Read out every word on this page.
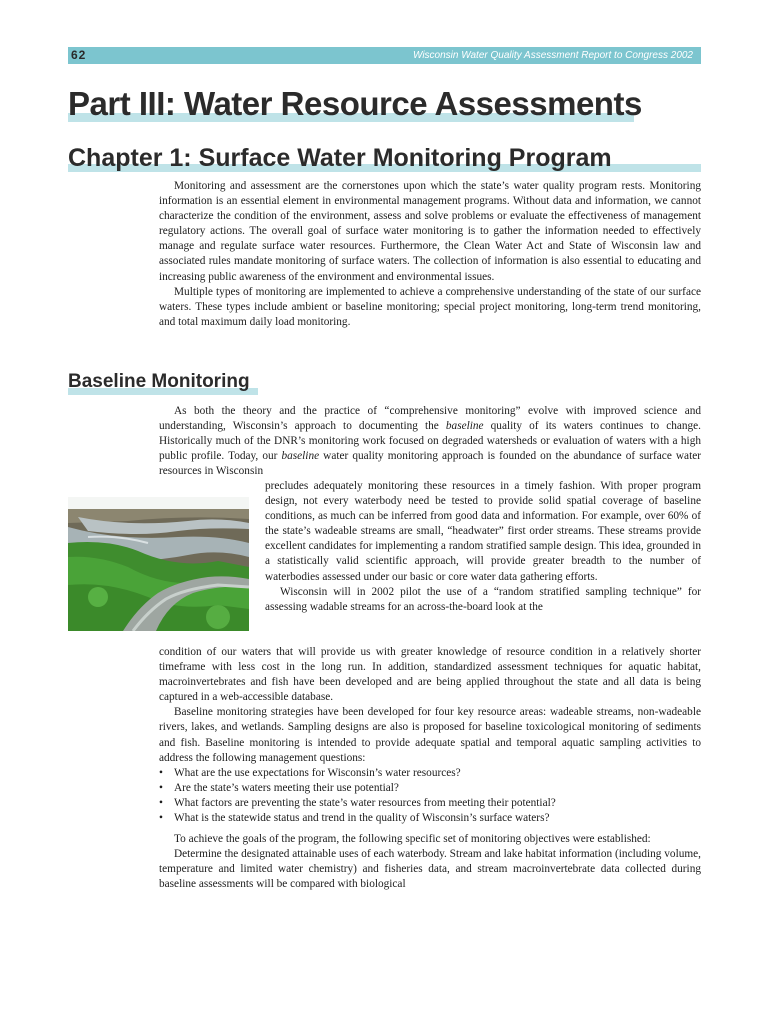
62	Wisconsin Water Quality Assessment Report to Congress 2002
Part III: Water Resource Assessments
Chapter 1: Surface Water Monitoring Program

Monitoring and assessment are the cornerstones upon which the state’s water quality program rests. Monitoring information is an essential element in environmental management programs. Without data and information, we cannot characterize the condition of the environment, assess and solve problems or evaluate the effectiveness of management regulatory actions. The overall goal of surface water monitoring is to gather the information needed to effectively manage and regulate surface water resources. Furthermore, the Clean Water Act and State of Wisconsin law and associated rules mandate monitoring of surface waters. The collection of information is also essential to educating and increasing public awareness of the environment and environmental issues.

Multiple types of monitoring are implemented to achieve a comprehensive understanding of the state of our surface waters. These types include ambient or baseline monitoring; special project monitoring, long-term trend monitoring, and total maximum daily load monitoring.

Baseline Monitoring

As both the theory and the practice of “comprehensive monitoring” evolve with improved science and understanding, Wisconsin’s approach to documenting the baseline quality of its waters continues to change. Historically much of the DNR’s monitoring work focused on degraded watersheds or evaluation of waters with a high public profile. Today, our baseline water quality monitoring approach is founded on the abundance of surface water resources in Wisconsin

precludes adequately monitoring these resources in a timely fashion. With proper program design, not every waterbody need be tested to provide solid spatial coverage of baseline conditions, as much can be inferred from good data and information. For example, over 60% of the state’s wadeable streams are small, “headwater” first order streams. These streams provide excellent candidates for implementing a random stratified sample design. This idea, grounded in a statistically valid scientific approach, will provide greater breadth to the number of waterbodies assessed under our basic or core water data gathering efforts.

Wisconsin will in 2002 pilot the use of a “random stratified sampling technique” for assessing wadable streams for an across-the-board look at the

condition of our waters that will provide us with greater knowledge of resource condition in a relatively shorter timeframe with less cost in the long run. In addition, standardized assessment techniques for aquatic habitat, macroinvertebrates and fish have been developed and are being applied throughout the state and all data is being captured in a web-accessible database.

Baseline monitoring strategies have been developed for four key resource areas: wadeable streams, non-wadeable rivers, lakes, and wetlands. Sampling designs are also is proposed for baseline toxicological monitoring of sediments and fish. Baseline monitoring is intended to provide adequate spatial and temporal aquatic sampling activities to address the following management questions:

• What are the use expectations for Wisconsin’s water resources?
• Are the state’s waters meeting their use potential?
• What factors are preventing the state’s water resources from meeting their potential?
• What is the statewide status and trend in the quality of Wisconsin’s surface waters?

To achieve the goals of the program, the following specific set of monitoring objectives were established:

Determine the designated attainable uses of each waterbody. Stream and lake habitat information (including volume, temperature and limited water chemistry) and fisheries data, and stream macroinvertebrate data collected during baseline assessments will be compared with biological
